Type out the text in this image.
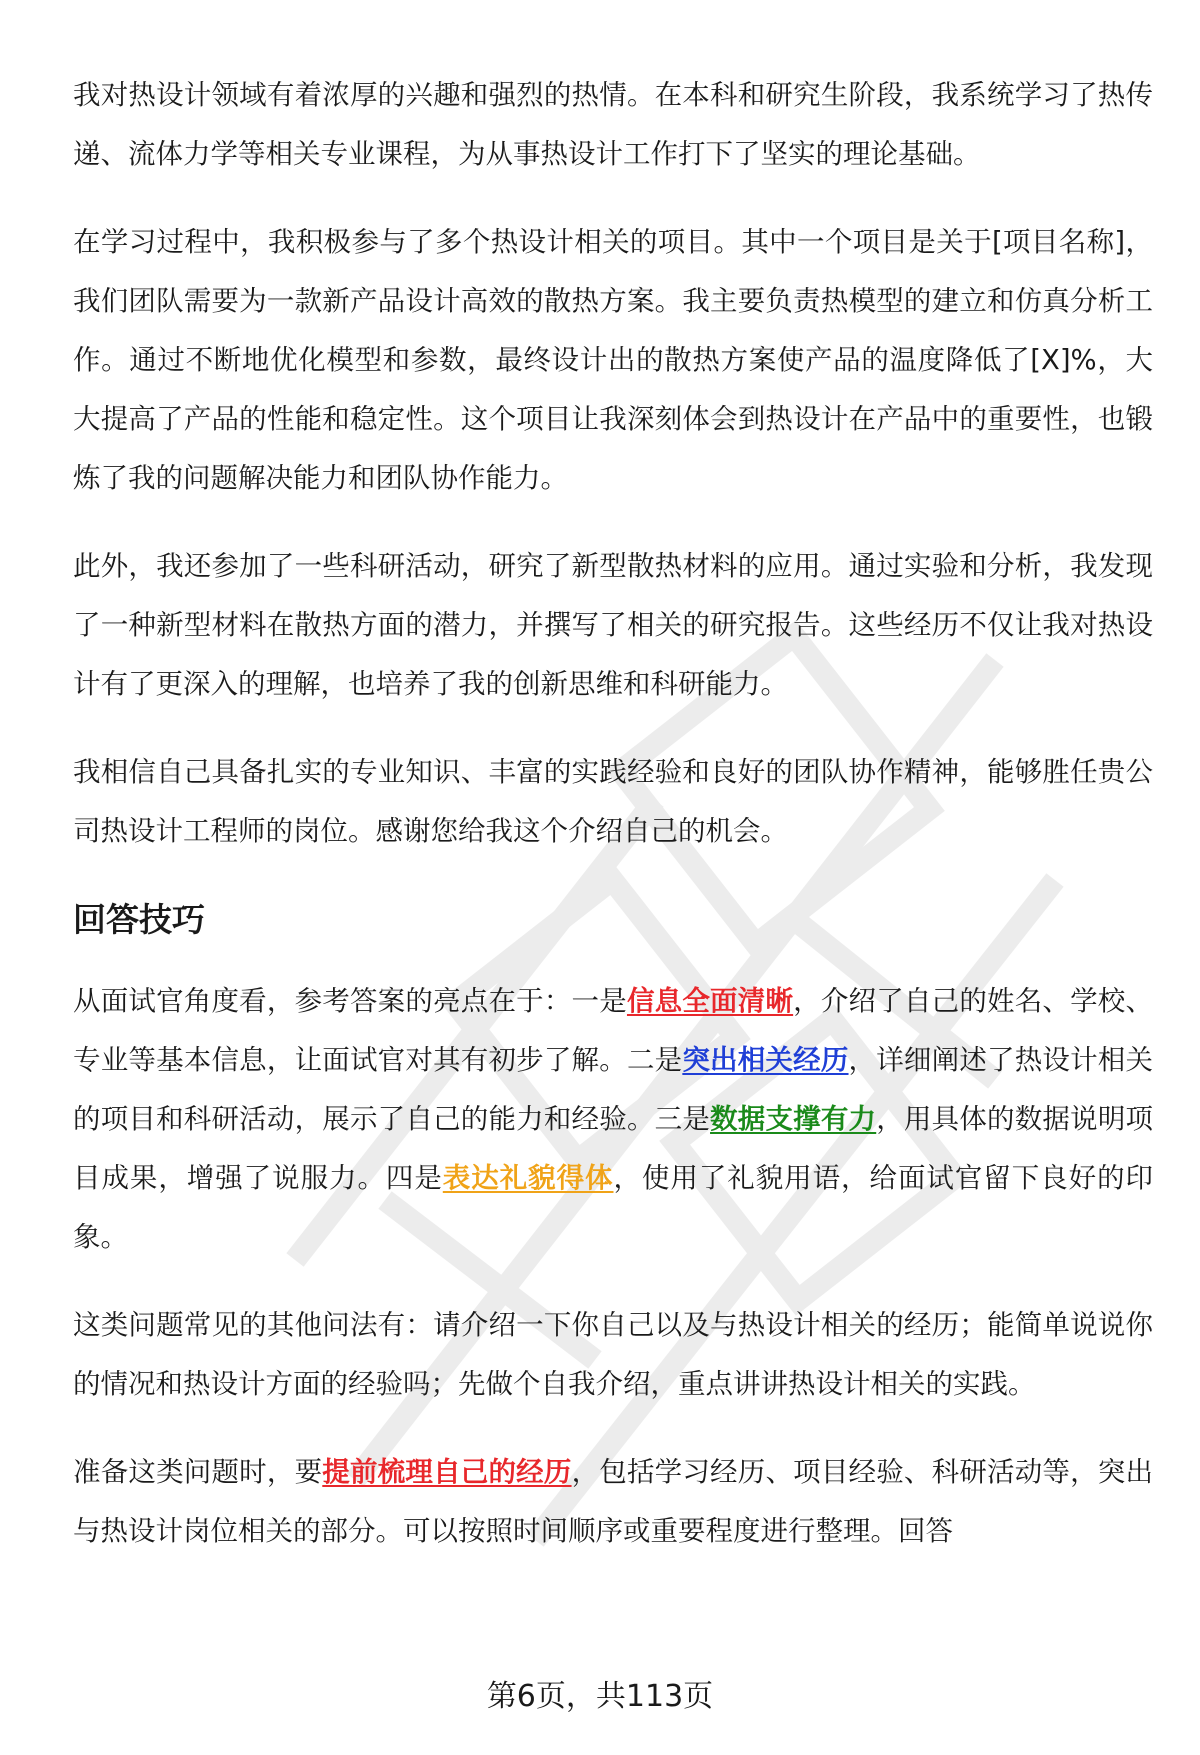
我对热设计领域有着浓厚的兴趣和强烈的热情。在本科和研究生阶段，我系统学习了热传递、流体力学等相关专业课程，为从事热设计工作打下了坚实的理论基础。

在学习过程中，我积极参与了多个热设计相关的项目。其中一个项目是关于[项目名称]，我们团队需要为一款新产品设计高效的散热方案。我主要负责热模型的建立和仿真分析工作。通过不断地优化模型和参数，最终设计出的散热方案使产品的温度降低了[X]%，大大提高了产品的性能和稳定性。这个项目让我深刻体会到热设计在产品中的重要性，也锻炼了我的问题解决能力和团队协作能力。

此外，我还参加了一些科研活动，研究了新型散热材料的应用。通过实验和分析，我发现了一种新型材料在散热方面的潜力，并撰写了相关的研究报告。这些经历不仅让我对热设计有了更深入的理解，也培养了我的创新思维和科研能力。

我相信自己具备扎实的专业知识、丰富的实践经验和良好的团队协作精神，能够胜任贵公司热设计工程师的岗位。感谢您给我这个介绍自己的机会。

回答技巧

从面试官角度看，参考答案的亮点在于：一是信息全面清晰，介绍了自己的姓名、学校、专业等基本信息，让面试官对其有初步了解。二是突出相关经历，详细阐述了热设计相关的项目和科研活动，展示了自己的能力和经验。三是数据支撑有力，用具体的数据说明项目成果，增强了说服力。四是表达礼貌得体，使用了礼貌用语，给面试官留下良好的印象。

这类问题常见的其他问法有：请介绍一下你自己以及与热设计相关的经历；能简单说说你的情况和热设计方面的经验吗；先做个自我介绍，重点讲讲热设计相关的实践。

准备这类问题时，要提前梳理自己的经历，包括学习经历、项目经验、科研活动等，突出与热设计岗位相关的部分。可以按照时间顺序或重要程度进行整理。回答

第6页，共113页
